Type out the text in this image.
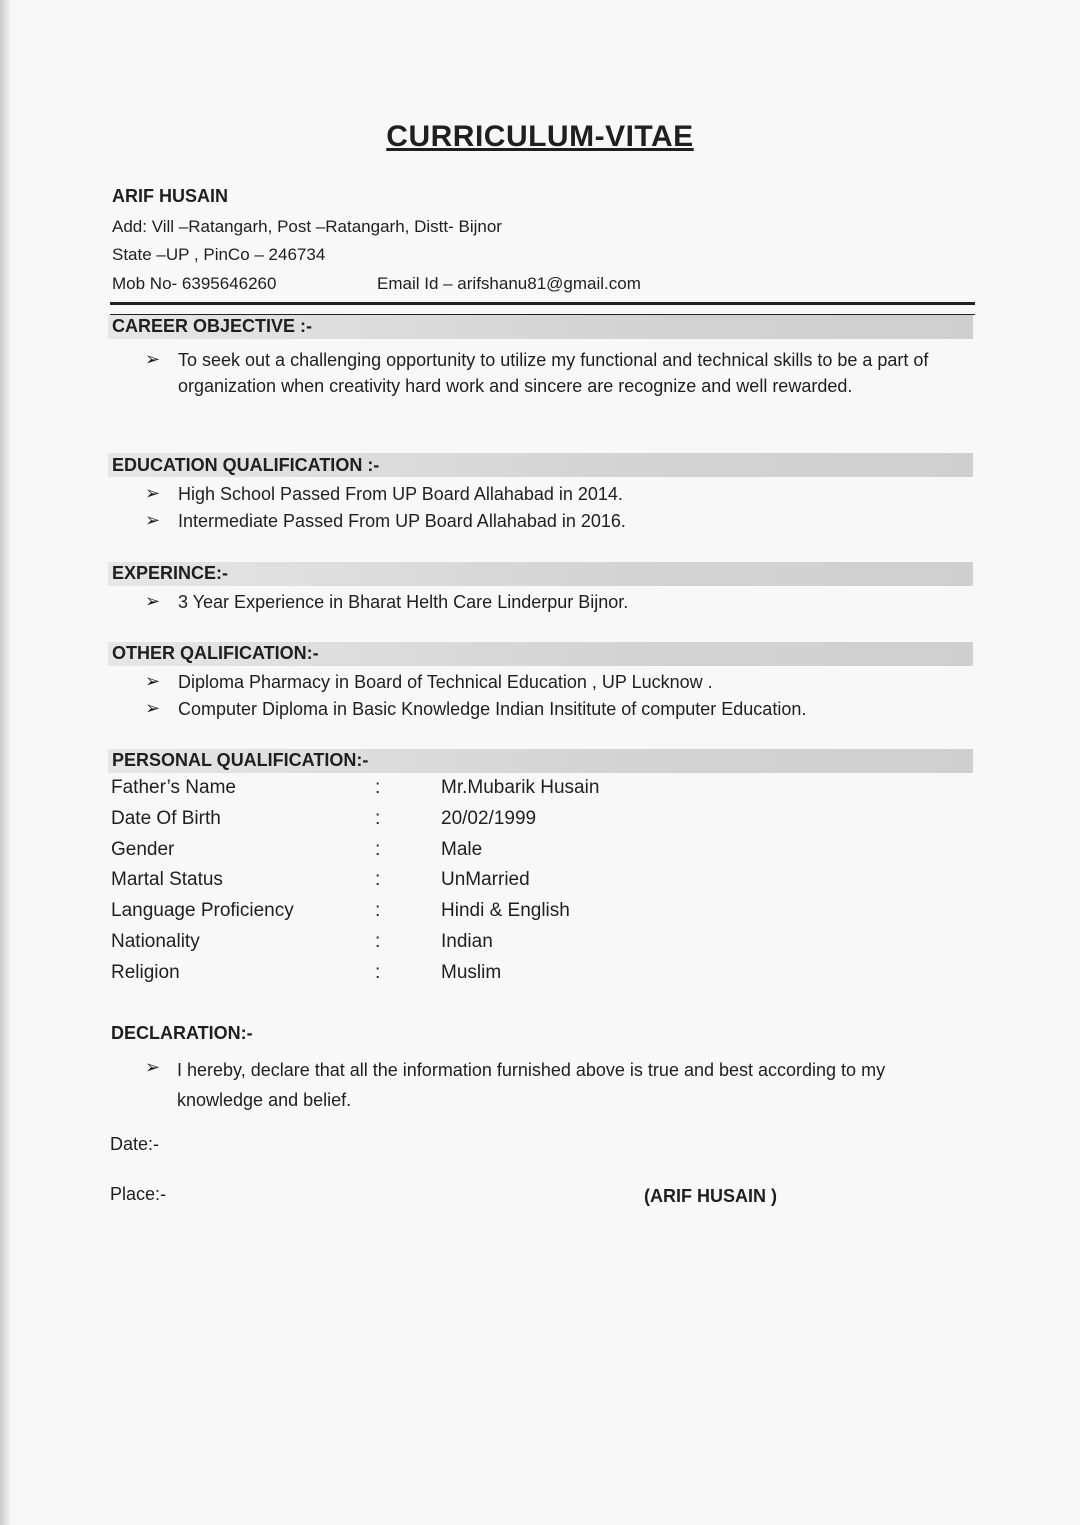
CURRICULUM-VITAE
ARIF HUSAIN
Add: Vill –Ratangarh, Post –Ratangarh, Distt- Bijnor
State –UP , PinCo – 246734
Mob No- 6395646260	Email Id – arifshanu81@gmail.com
CAREER OBJECTIVE :-
➢ To seek out a challenging opportunity to utilize my functional and technical skills to be a part of organization when creativity hard work and sincere are recognize and well rewarded.
EDUCATION QUALIFICATION :-
➢ High School Passed From UP Board Allahabad in 2014.
➢ Intermediate Passed From UP Board Allahabad in 2016.
EXPERINCE:-
➢ 3 Year Experience in Bharat Helth Care Linderpur Bijnor.
OTHER QALIFICATION:-
➢ Diploma Pharmacy in Board of Technical Education , UP Lucknow .
➢ Computer Diploma in Basic Knowledge Indian Insititute of computer Education.
PERSONAL QUALIFICATION:-
Father’s Name	:	Mr.Mubarik Husain
Date Of Birth	:	20/02/1999
Gender	:	Male
Martal Status	:	UnMarried
Language Proficiency	:	Hindi & English
Nationality	:	Indian
Religion	:	Muslim
DECLARATION:-
➢ I hereby, declare that all the information furnished above is true and best according to my knowledge and belief.
Date:-
Place:-	(ARIF HUSAIN )
